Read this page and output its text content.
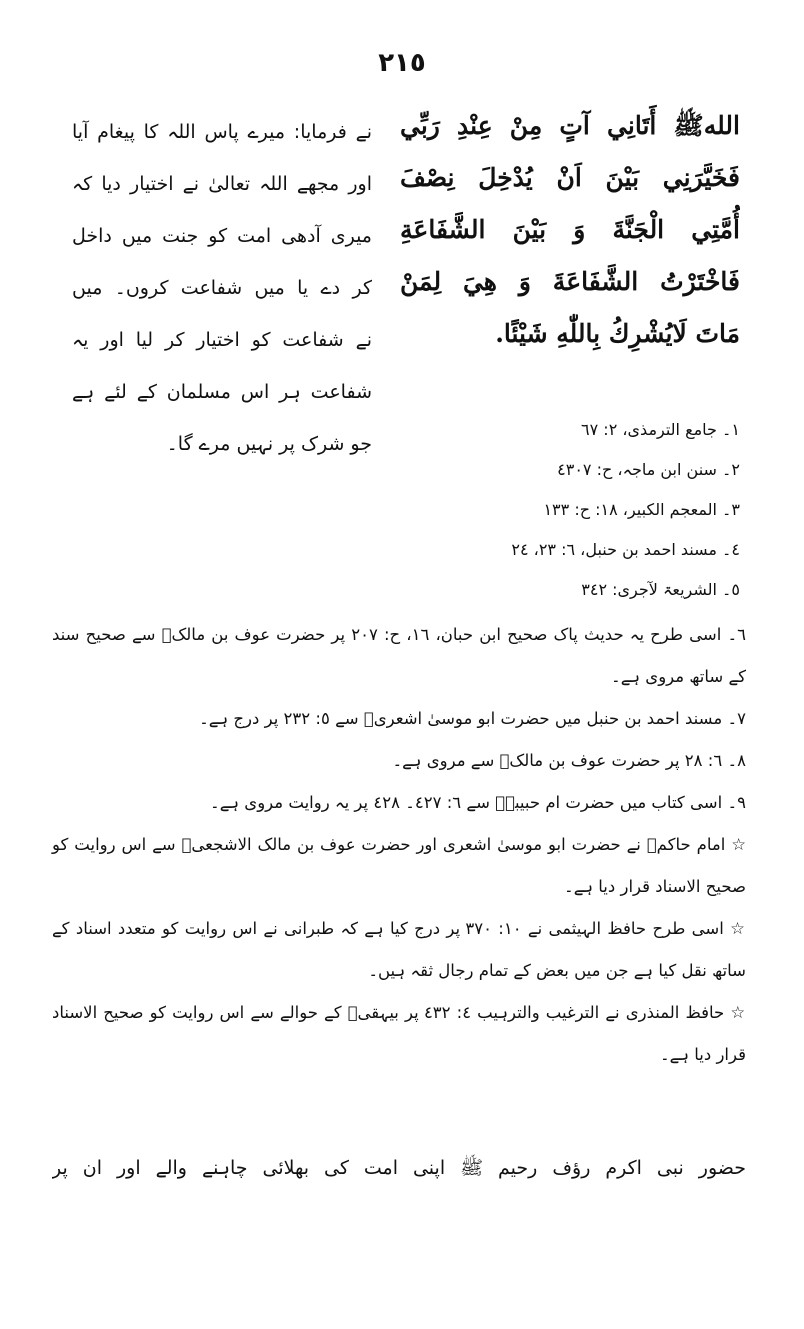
٢١٥
اللهﷺ أَتَانِي آتٍ مِنْ عِنْدِ رَبِّي
فَخَيَّرَنِي بَيْنَ اَنْ يُدْخِلَ نِصْفَ
أُمَّتِي الْجَنَّةَ وَ بَيْنَ الشَّفَاعَةِ
فَاخْتَرْتُ الشَّفَاعَةَ وَ هِيَ لِمَنْ
مَاتَ لَايُشْرِكُ بِاللّٰهِ شَيْئًا.
نے فرمایا: میرے پاس اللہ کا پیغام آیا
اور مجھے اللہ تعالیٰ نے اختیار دیا کہ
میری آدھی امت کو جنت میں داخل
کر دے یا میں شفاعت کروں۔ میں
نے شفاعت کو اختیار کر لیا اور یہ
شفاعت ہر اس مسلمان کے لئے ہے
جو شرک پر نہیں مرے گا۔
١۔ جامع الترمذی، ٢: ٦٧
٢۔ سنن ابن ماجہ، ح: ٤٣٠٧
٣۔ المعجم الکبیر، ١٨: ح: ١٣٣
٤۔ مسند احمد بن حنبل، ٦: ٢٣، ٢٤
٥۔ الشریعۃ لآجری: ٣٤٢

٦۔ اسی طرح یہ حدیث پاک صحیح ابن حبان، ١٦، ح: ٢٠٧ پر حضرت عوف بن مالکؓ سے صحیح سند کے ساتھ مروی ہے۔

٧۔ مسند احمد بن حنبل میں حضرت ابو موسیٰ اشعریؓ سے ٥: ٢٣٢ پر درج ہے۔

٨۔ ٦: ٢٨ پر حضرت عوف بن مالکؓ سے مروی ہے۔

٩۔ اسی کتاب میں حضرت ام حبیبہؓ سے ٦: ٤٢٧۔ ٤٢٨ پر یہ روایت مروی ہے۔

☆ امام حاکمؒ نے حضرت ابو موسیٰ اشعری اور حضرت عوف بن مالک الاشجعیؓ سے اس روایت کو صحیح الاسناد قرار دیا ہے۔

☆ اسی طرح حافظ الہیثمی نے ١٠: ٣٧٠ پر درج کیا ہے کہ طبرانی نے اس روایت کو متعدد اسناد کے ساتھ نقل کیا ہے جن میں بعض کے تمام رجال ثقہ ہیں۔

☆ حافظ المنذری نے الترغیب والترہیب ٤: ٤٣٢ پر بیہقیؒ کے حوالے سے اس روایت کو صحیح الاسناد قرار دیا ہے۔

حضور نبی اکرم رؤف رحیم ﷺ اپنی امت کی بھلائی چاہنے والے اور ان پر
